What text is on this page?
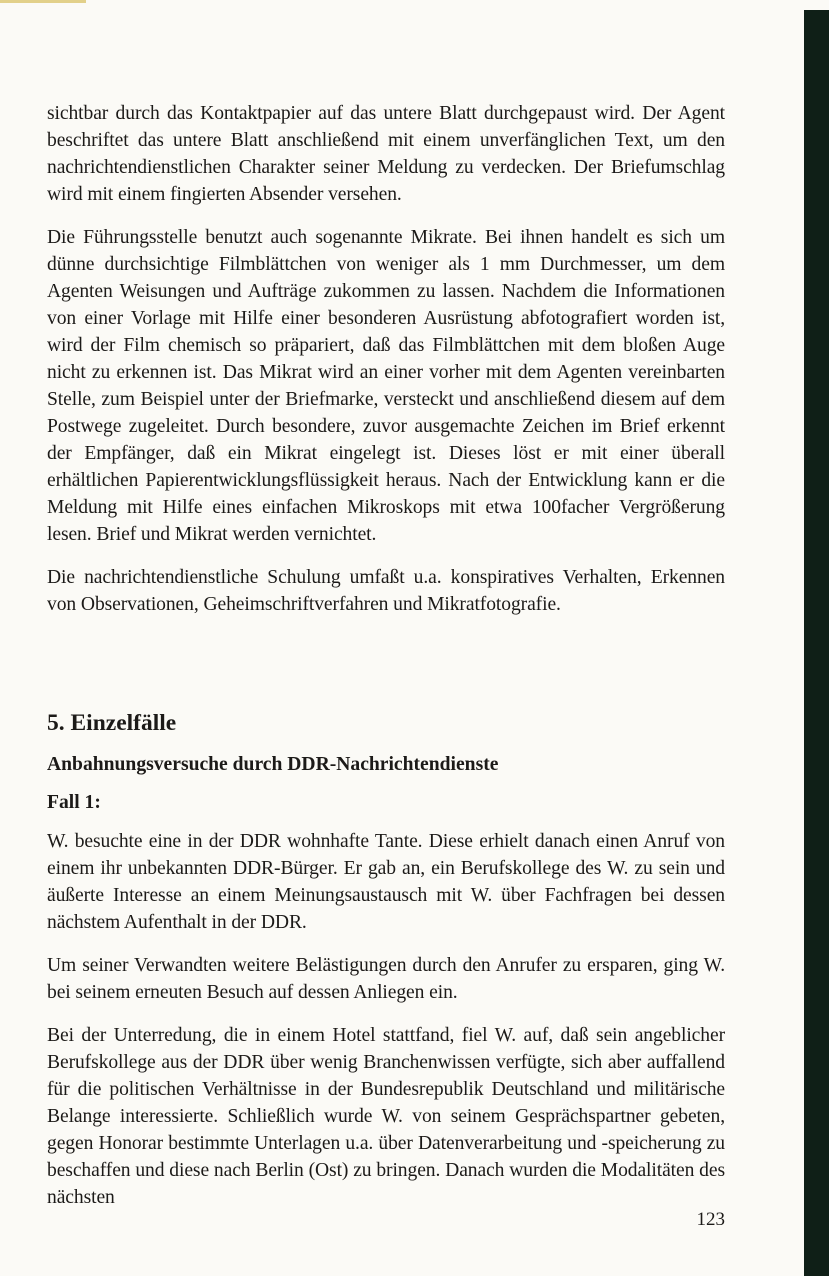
sichtbar durch das Kontaktpapier auf das untere Blatt durchgepaust wird. Der Agent beschriftet das untere Blatt anschließend mit einem unverfänglichen Text, um den nachrichtendienstlichen Charakter seiner Meldung zu verdecken. Der Briefumschlag wird mit einem fingierten Absender versehen.

Die Führungsstelle benutzt auch sogenannte Mikrate. Bei ihnen handelt es sich um dünne durchsichtige Filmblättchen von weniger als 1 mm Durchmesser, um dem Agenten Weisungen und Aufträge zukommen zu lassen. Nachdem die Informationen von einer Vorlage mit Hilfe einer besonderen Ausrüstung abfotografiert worden ist, wird der Film chemisch so präpariert, daß das Filmblättchen mit dem bloßen Auge nicht zu erkennen ist. Das Mikrat wird an einer vorher mit dem Agenten vereinbarten Stelle, zum Beispiel unter der Briefmarke, versteckt und anschließend diesem auf dem Postwege zugeleitet. Durch besondere, zuvor ausgemachte Zeichen im Brief erkennt der Empfänger, daß ein Mikrat eingelegt ist. Dieses löst er mit einer überall erhältlichen Papierentwicklungsflüssigkeit heraus. Nach der Entwicklung kann er die Meldung mit Hilfe eines einfachen Mikroskops mit etwa 100facher Vergrößerung lesen. Brief und Mikrat werden vernichtet.

Die nachrichtendienstliche Schulung umfaßt u.a. konspiratives Verhalten, Erkennen von Observationen, Geheimschriftverfahren und Mikratfotografie.

5. Einzelfälle
Anbahnungsversuche durch DDR-Nachrichtendienste
Fall 1:

W. besuchte eine in der DDR wohnhafte Tante. Diese erhielt danach einen Anruf von einem ihr unbekannten DDR-Bürger. Er gab an, ein Berufskollege des W. zu sein und äußerte Interesse an einem Meinungsaustausch mit W. über Fachfragen bei dessen nächstem Aufenthalt in der DDR.

Um seiner Verwandten weitere Belästigungen durch den Anrufer zu ersparen, ging W. bei seinem erneuten Besuch auf dessen Anliegen ein.

Bei der Unterredung, die in einem Hotel stattfand, fiel W. auf, daß sein angeblicher Berufskollege aus der DDR über wenig Branchenwissen verfügte, sich aber auffallend für die politischen Verhältnisse in der Bundesrepublik Deutschland und militärische Belange interessierte. Schließlich wurde W. von seinem Gesprächspartner gebeten, gegen Honorar bestimmte Unterlagen u.a. über Datenverarbeitung und -speicherung zu beschaffen und diese nach Berlin (Ost) zu bringen. Danach wurden die Modalitäten des nächsten

123
